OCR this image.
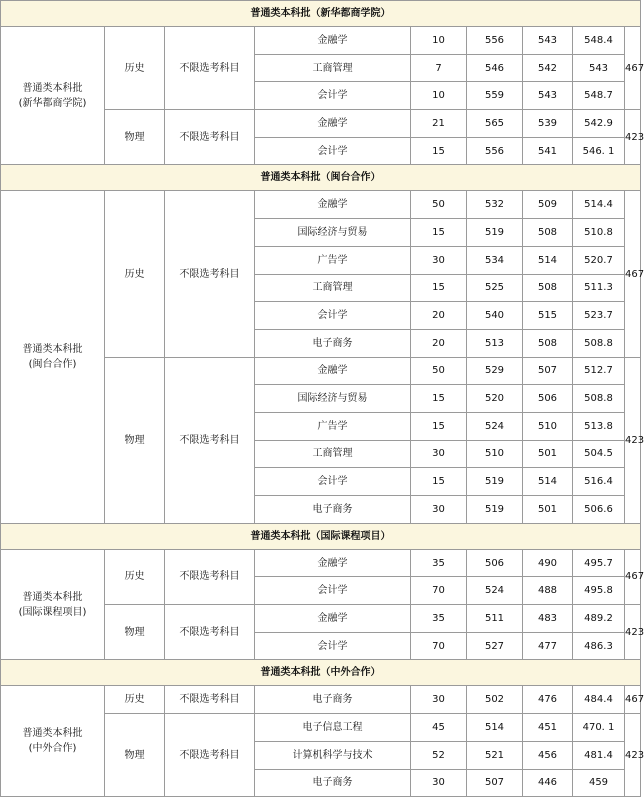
普通类本科批（新华都商学院）								

普通类本科批
(新华都商学院)	历史	不限选考科目	金融学	10	556	543	548.4	467
			工商管理	7	546	542	543	
			会计学	10	559	543	548.7	
	物理	不限选考科目	金融学	21	565	539	542.9	423
			会计学	15	556	541	546. 1	
普通类本科批（闽台合作）								

普通类本科批
(闽台合作)	历史	不限选考科目	金融学	50	532	509	514.4	467
			国际经济与贸易	15	519	508	510.8	
			广告学	30	534	514	520.7	
			工商管理	15	525	508	511.3	
			会计学	20	540	515	523.7	
			电子商务	20	513	508	508.8	
	物理	不限选考科目	金融学	50	529	507	512.7	423
			国际经济与贸易	15	520	506	508.8	
			广告学	15	524	510	513.8	
			工商管理	30	510	501	504.5	
			会计学	15	519	514	516.4	
			电子商务	30	519	501	506.6	
普通类本科批（国际课程项目）								

普通类本科批
(国际课程项目)	历史	不限选考科目	金融学	35	506	490	495.7	467
			会计学	70	524	488	495.8	
	物理	不限选考科目	金融学	35	511	483	489.2	423
			会计学	70	527	477	486.3	
普通类本科批（中外合作）								

普通类本科批
(中外合作)	历史	不限选考科目	电子商务	30	502	476	484.4	467
	物理	不限选考科目	电子信息工程	45	514	451	470. 1	423
			计算机科学与技术	52	521	456	481.4	
			电子商务	30	507	446	459	
